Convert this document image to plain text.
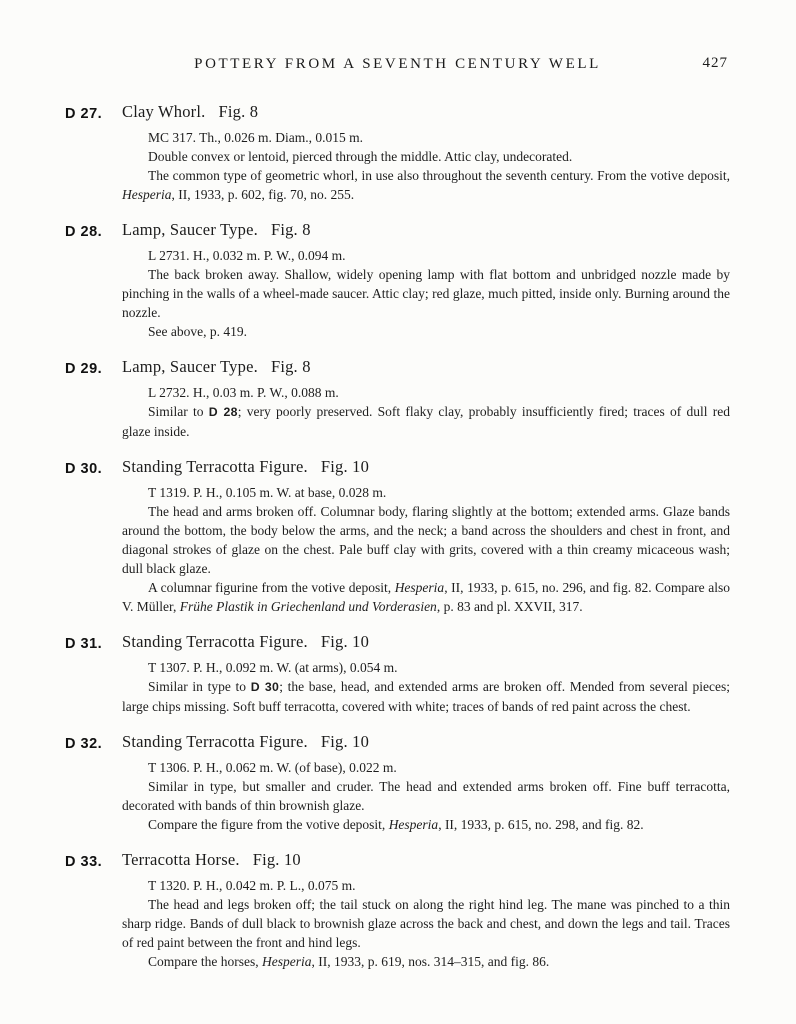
POTTERY FROM A SEVENTH CENTURY WELL	427
D 27. Clay Whorl. Fig. 8

MC 317. Th., 0.026 m. Diam., 0.015 m.

Double convex or lentoid, pierced through the middle. Attic clay, undecorated.

The common type of geometric whorl, in use also throughout the seventh century. From the votive deposit, Hesperia, II, 1933, p. 602, fig. 70, no. 255.

D 28. Lamp, Saucer Type. Fig. 8

L 2731. H., 0.032 m. P. W., 0.094 m.

The back broken away. Shallow, widely opening lamp with flat bottom and unbridged nozzle made by pinching in the walls of a wheel-made saucer. Attic clay; red glaze, much pitted, inside only. Burning around the nozzle.

See above, p. 419.

D 29. Lamp, Saucer Type. Fig. 8

L 2732. H., 0.03 m. P. W., 0.088 m.

Similar to D 28; very poorly preserved. Soft flaky clay, probably insufficiently fired; traces of dull red glaze inside.

D 30. Standing Terracotta Figure. Fig. 10

T 1319. P. H., 0.105 m. W. at base, 0.028 m.

The head and arms broken off. Columnar body, flaring slightly at the bottom; extended arms. Glaze bands around the bottom, the body below the arms, and the neck; a band across the shoulders and chest in front, and diagonal strokes of glaze on the chest. Pale buff clay with grits, covered with a thin creamy micaceous wash; dull black glaze.

A columnar figurine from the votive deposit, Hesperia, II, 1933, p. 615, no. 296, and fig. 82. Compare also V. Müller, Frühe Plastik in Griechenland und Vorderasien, p. 83 and pl. XXVII, 317.

D 31. Standing Terracotta Figure. Fig. 10

T 1307. P. H., 0.092 m. W. (at arms), 0.054 m.

Similar in type to D 30; the base, head, and extended arms are broken off. Mended from several pieces; large chips missing. Soft buff terracotta, covered with white; traces of bands of red paint across the chest.

D 32. Standing Terracotta Figure. Fig. 10

T 1306. P. H., 0.062 m. W. (of base), 0.022 m.

Similar in type, but smaller and cruder. The head and extended arms broken off. Fine buff terracotta, decorated with bands of thin brownish glaze.

Compare the figure from the votive deposit, Hesperia, II, 1933, p. 615, no. 298, and fig. 82.

D 33. Terracotta Horse. Fig. 10

T 1320. P. H., 0.042 m. P. L., 0.075 m.

The head and legs broken off; the tail stuck on along the right hind leg. The mane was pinched to a thin sharp ridge. Bands of dull black to brownish glaze across the back and chest, and down the legs and tail. Traces of red paint between the front and hind legs.

Compare the horses, Hesperia, II, 1933, p. 619, nos. 314–315, and fig. 86.
